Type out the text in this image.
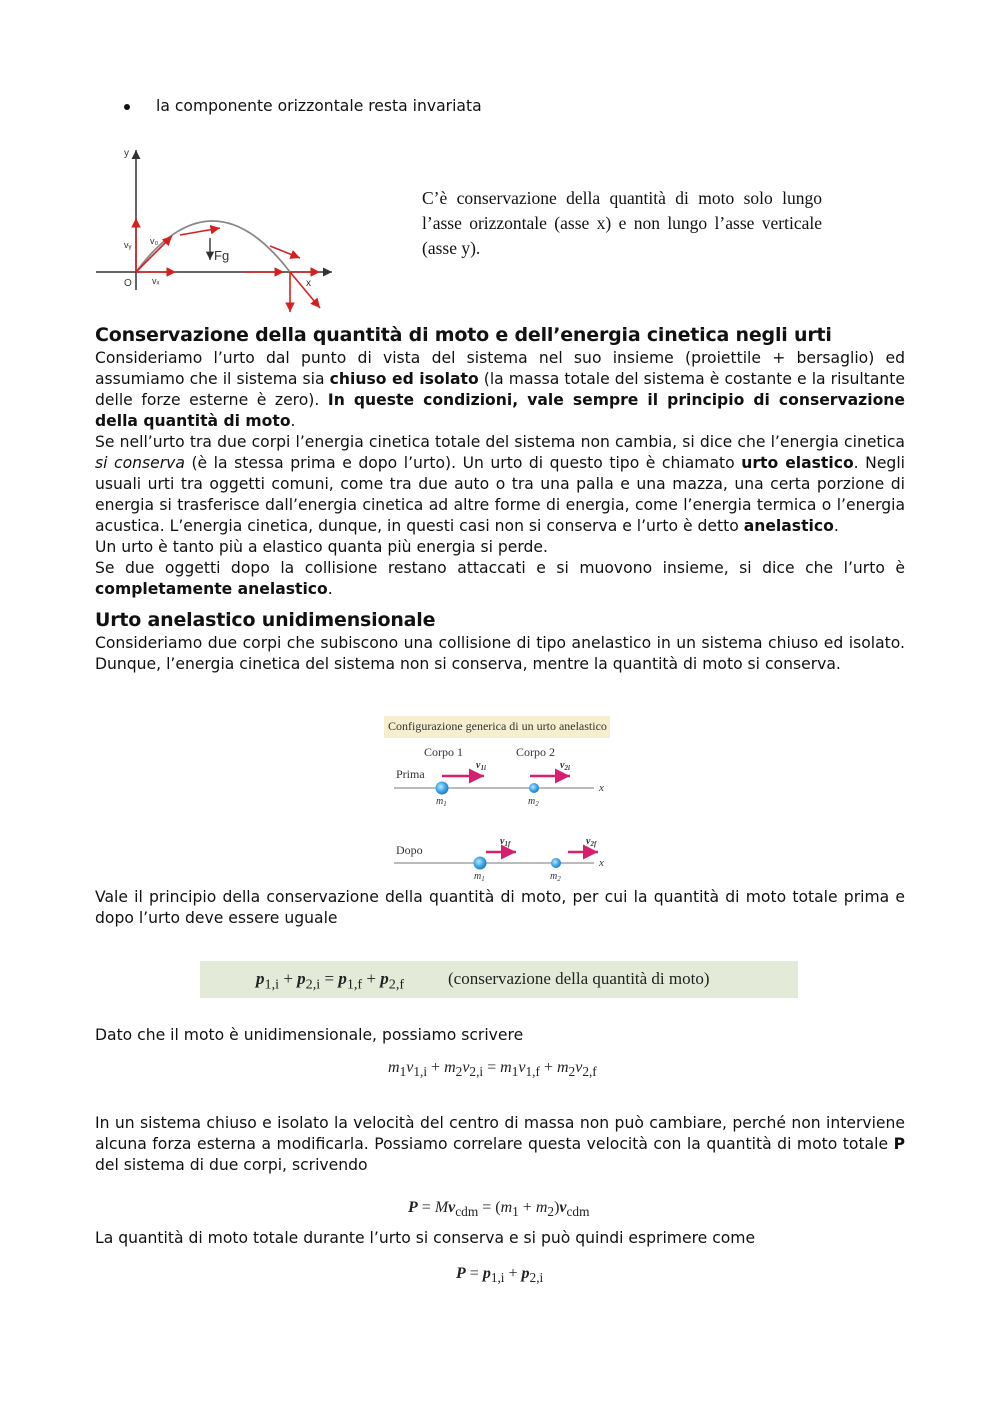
la componente orizzontale resta invariata
y
x
O vₓ
vᵧ v₀
Fg
C’è conservazione della quantità di moto solo lungo l’asse orizzontale (asse x) e non lungo l’asse verticale (asse y).
Conservazione della quantità di moto e dell’energia cinetica negli urti
Consideriamo l’urto dal punto di vista del sistema nel suo insieme (proiettile + bersaglio) ed assumiamo che il sistema sia chiuso ed isolato (la massa totale del sistema è costante e la risultante delle forze esterne è zero). In queste condizioni, vale sempre il principio di conservazione della quantità di moto.
Se nell’urto tra due corpi l’energia cinetica totale del sistema non cambia, si dice che l’energia cinetica si conserva (è la stessa prima e dopo l’urto). Un urto di questo tipo è chiamato urto elastico. Negli usuali urti tra oggetti comuni, come tra due auto o tra una palla e una mazza, una certa porzione di energia si trasferisce dall’energia cinetica ad altre forme di energia, come l’energia termica o l’energia acustica. L’energia cinetica, dunque, in questi casi non si conserva e l’urto è detto anelastico.
Un urto è tanto più a elastico quanta più energia si perde.
Se due oggetti dopo la collisione restano attaccati e si muovono insieme, si dice che l’urto è completamente anelastico.
Urto anelastico unidimensionale
Consideriamo due corpi che subiscono una collisione di tipo anelastico in un sistema chiuso ed isolato. Dunque, l’energia cinetica del sistema non si conserva, mentre la quantità di moto si conserva.
Configurazione generica di un urto anelastico
Corpo 1	Corpo 2
Prima
Dopo
x
$v_{1i}$	$v_{2i}$
$m_1$	$m_2$
x
$v_{1f}$	$v_{2f}$
$m_1$	$m_2$
Vale il principio della conservazione della quantità di moto, per cui la quantità di moto totale prima e dopo l’urto deve essere uguale
$p_{1,i} + p_{2,i} = p_{1,f} + p_{2,f}$	(conservazione della quantità di moto)
Dato che il moto è unidimensionale, possiamo scrivere
$m_1v_{1,i} + m_2v_{2,i} = m_1v_{1,f} + m_2v_{2,f}$
In un sistema chiuso e isolato la velocità del centro di massa non può cambiare, perché non interviene alcuna forza esterna a modificarla. Possiamo correlare questa velocità con la quantità di moto totale P del sistema di due corpi, scrivendo
$P = Mv_{cdm} = (m_1 + m_2)v_{cdm}$
La quantità di moto totale durante l’urto si conserva e si può quindi esprimere come
$P = p_{1,i} + p_{2,i}$
